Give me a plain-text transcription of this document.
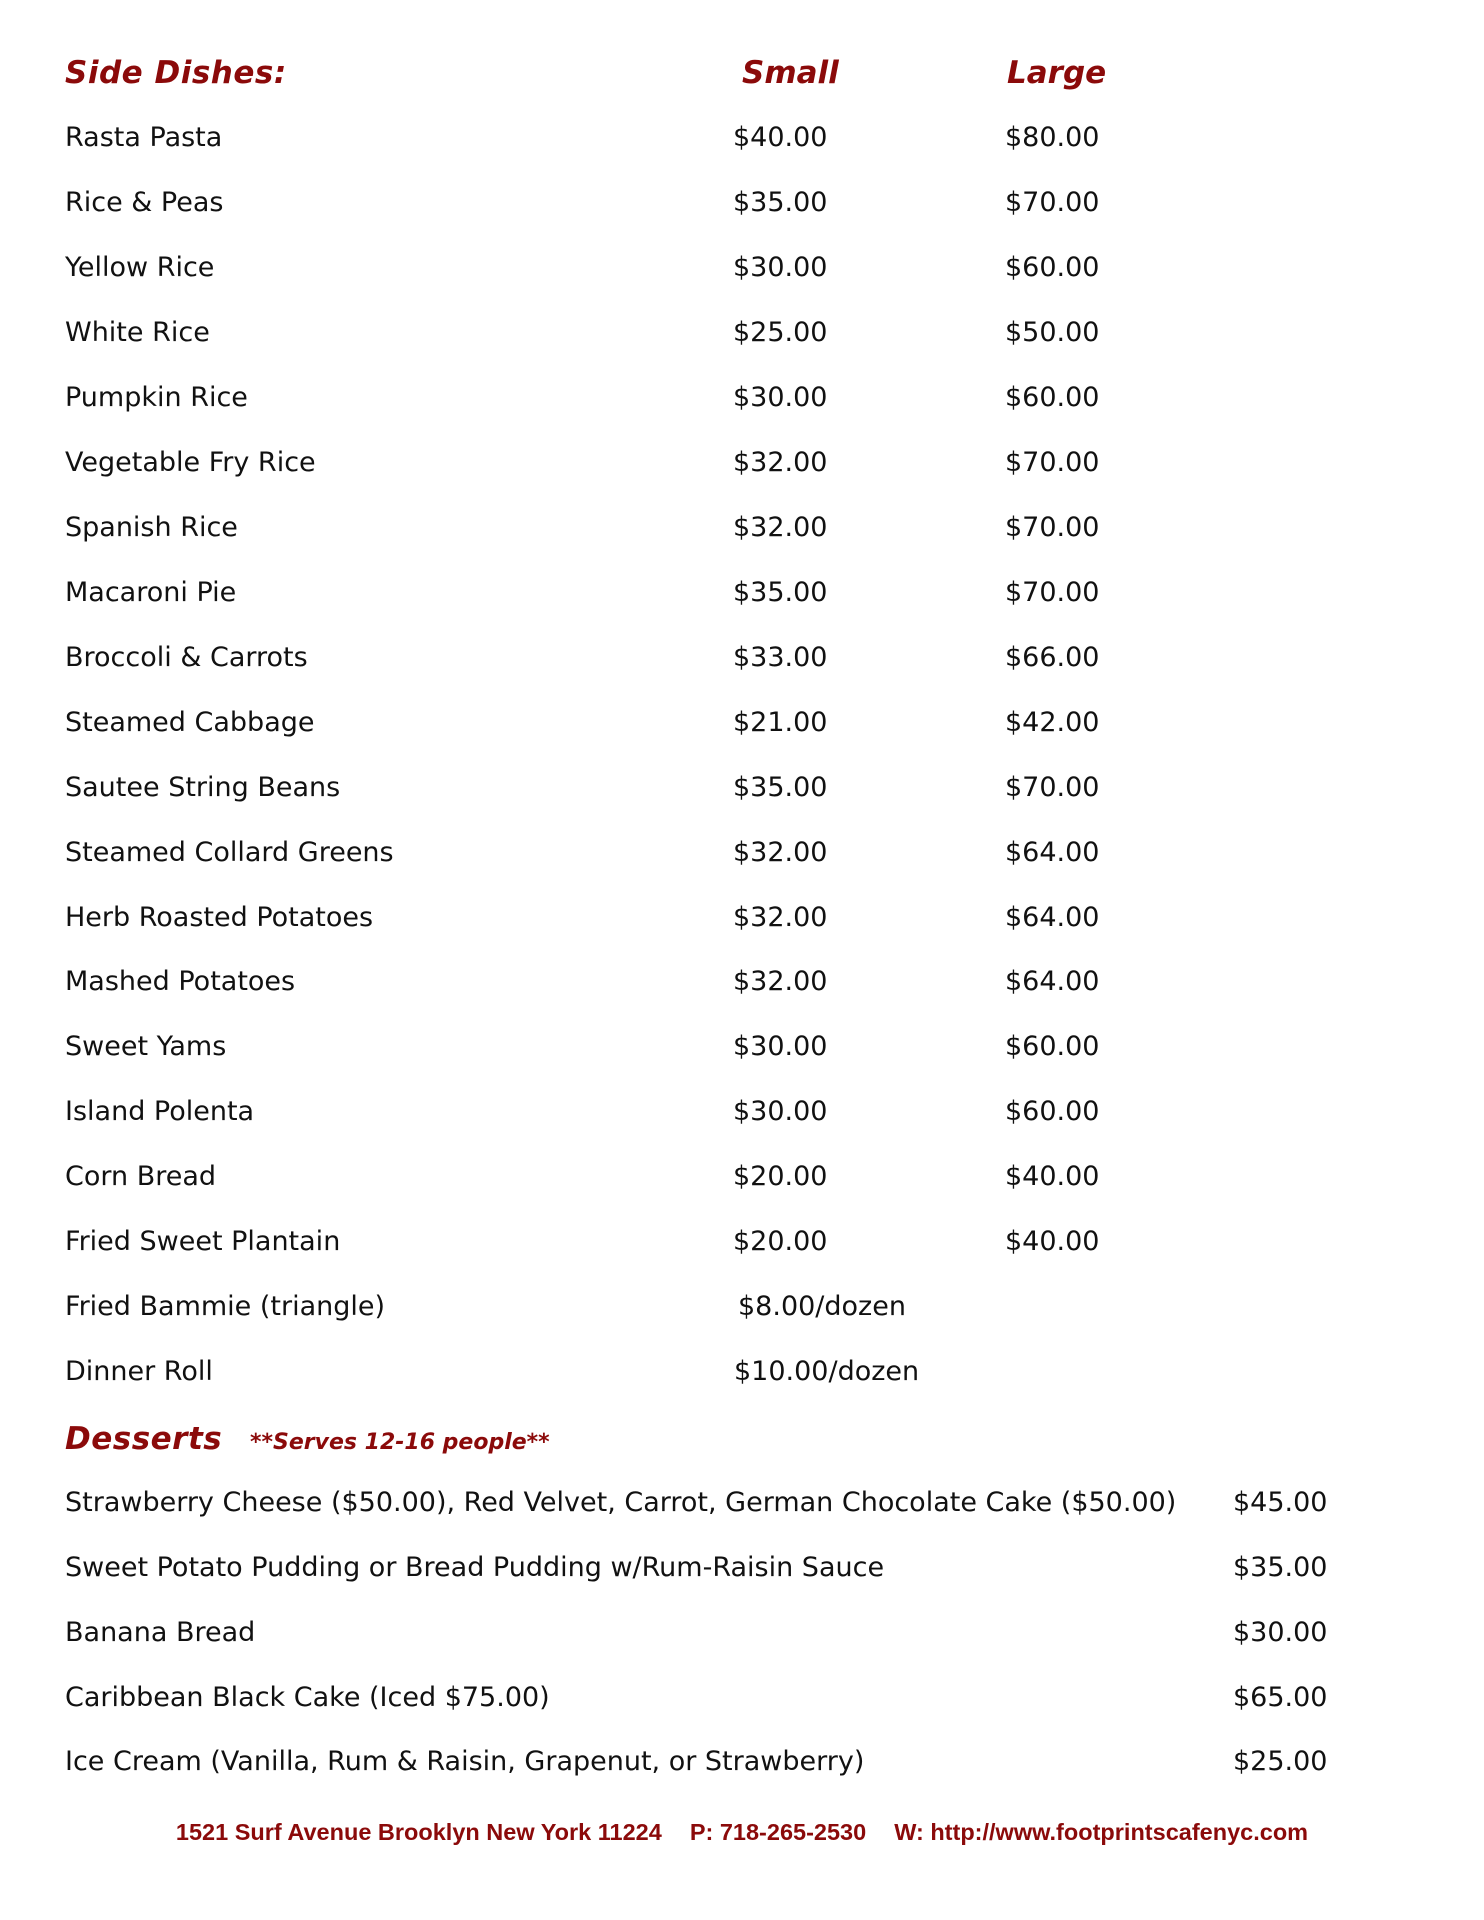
Side Dishes:	Small	Large
Rasta Pasta	$40.00	$80.00
Rice & Peas	$35.00	$70.00
Yellow Rice	$30.00	$60.00
White Rice	$25.00	$50.00
Pumpkin Rice	$30.00	$60.00
Vegetable Fry Rice	$32.00	$70.00
Spanish Rice	$32.00	$70.00
Macaroni Pie	$35.00	$70.00
Broccoli & Carrots	$33.00	$66.00
Steamed Cabbage	$21.00	$42.00
Sautee String Beans	$35.00	$70.00
Steamed Collard Greens	$32.00	$64.00
Herb Roasted Potatoes	$32.00	$64.00
Mashed Potatoes	$32.00	$64.00
Sweet Yams	$30.00	$60.00
Island Polenta	$30.00	$60.00
Corn Bread	$20.00	$40.00
Fried Sweet Plantain	$20.00	$40.00
Fried Bammie (triangle)	$8.00/dozen
Dinner Roll	$10.00/dozen
Desserts **Serves 12-16 people**
Strawberry Cheese ($50.00), Red Velvet, Carrot, German Chocolate Cake ($50.00) $45.00
Sweet Potato Pudding or Bread Pudding w/Rum-Raisin Sauce	$35.00
Banana Bread	$30.00
Caribbean Black Cake (Iced $75.00)	$65.00
Ice Cream (Vanilla, Rum & Raisin, Grapenut, or Strawberry)	$25.00
1521 Surf Avenue Brooklyn New York 11224 P: 718-265-2530 W: http://www.footprintscafenyc.com
